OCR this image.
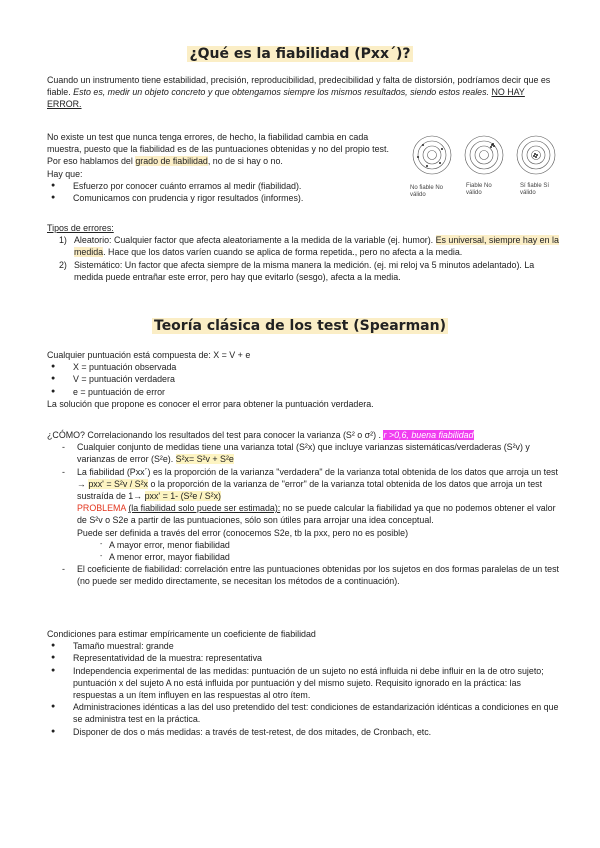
¿Qué es la fiabilidad (Pxx´)?

Cuando un instrumento tiene estabilidad, precisión, reproducibilidad, predecibilidad y falta de distorsión, podríamos decir que es fiable. Esto es, medir un objeto concreto y que obtengamos siempre los mismos resultados, siendo estos reales. NO HAY ERROR.

No existe un test que nunca tenga errores, de hecho, la fiabilidad cambia en cada muestra, puesto que la fiabilidad es de las puntuaciones obtenidas y no del propio test. Por eso hablamos del grado de fiabilidad, no de si hay o no.

Hay que:

● Esfuerzo por conocer cuánto erramos al medir (fiabilidad).
● Comunicamos con prudencia y rigor resultados (informes).
No fiable No válido
Fiable No válido
Sí fiable Sí válido

Tipos de errores:

1) Aleatorio: Cualquier factor que afecta aleatoriamente a la medida de la variable (ej. humor). Es universal, siempre hay en la medida. Hace que los datos varíen cuando se aplica de forma repetida., pero no afecta a la media.
2) Sistemático: Un factor que afecta siempre de la misma manera la medición. (ej. mi reloj va 5 minutos adelantado). La medida puede entrañar este error, pero hay que evitarlo (sesgo), afecta a la media.
Teoría clásica de los test (Spearman)

Cualquier puntuación está compuesta de: X = V + e

● X = puntuación observada
● V = puntuación verdadera
● e = puntuación de error

La solución que propone es conocer el error para obtener la puntuación verdadera.

¿CÓMO? Correlacionando los resultados del test para conocer la varianza (S² o σ²) . r >0,6, buena fiabilidad

- Cualquier conjunto de medidas tiene una varianza total (S²x) que incluye varianzas sistemáticas/verdaderas (S²v) y varianzas de error (S²e). S²x= S²v + S²e
- La fiabilidad (Pxx´) es la proporción de la varianza "verdadera" de la varianza total obtenida de los datos que arroja un test → pxx' = S²v / S²x o la proporción de la varianza de "error" de la varianza total obtenida de los datos que arroja un test sustraída de 1→ pxx' = 1- (S²e / S²x)

PROBLEMA (la fiabilidad solo puede ser estimada): no se puede calcular la fiabilidad ya que no podemos obtener el valor de S²v o S2e a partir de las puntuaciones, sólo son útiles para arrojar una idea conceptual.

Puede ser definida a través del error (conocemos S2e, tb la pxx, pero no es posible)

- A mayor error, menor fiabilidad
- A menor error, mayor fiabilidad
- El coeficiente de fiabilidad: correlación entre las puntuaciones obtenidas por los sujetos en dos formas paralelas de un test (no puede ser medido directamente, se necesitan los métodos de a continuación).

Condiciones para estimar empíricamente un coeficiente de fiabilidad

● Tamaño muestral: grande
● Representatividad de la muestra: representativa
● Independencia experimental de las medidas: puntuación de un sujeto no está influida ni debe influir en la de otro sujeto; puntuación x del sujeto A no está influida por puntuación y del mismo sujeto. Requisito ignorado en la práctica: las respuestas a un ítem influyen en las respuestas al otro ítem.
● Administraciones idénticas a las del uso pretendido del test: condiciones de estandarización idénticas a condiciones en que se administra test en la práctica.
● Disponer de dos o más medidas: a través de test-retest, de dos mitades, de Cronbach, etc.
